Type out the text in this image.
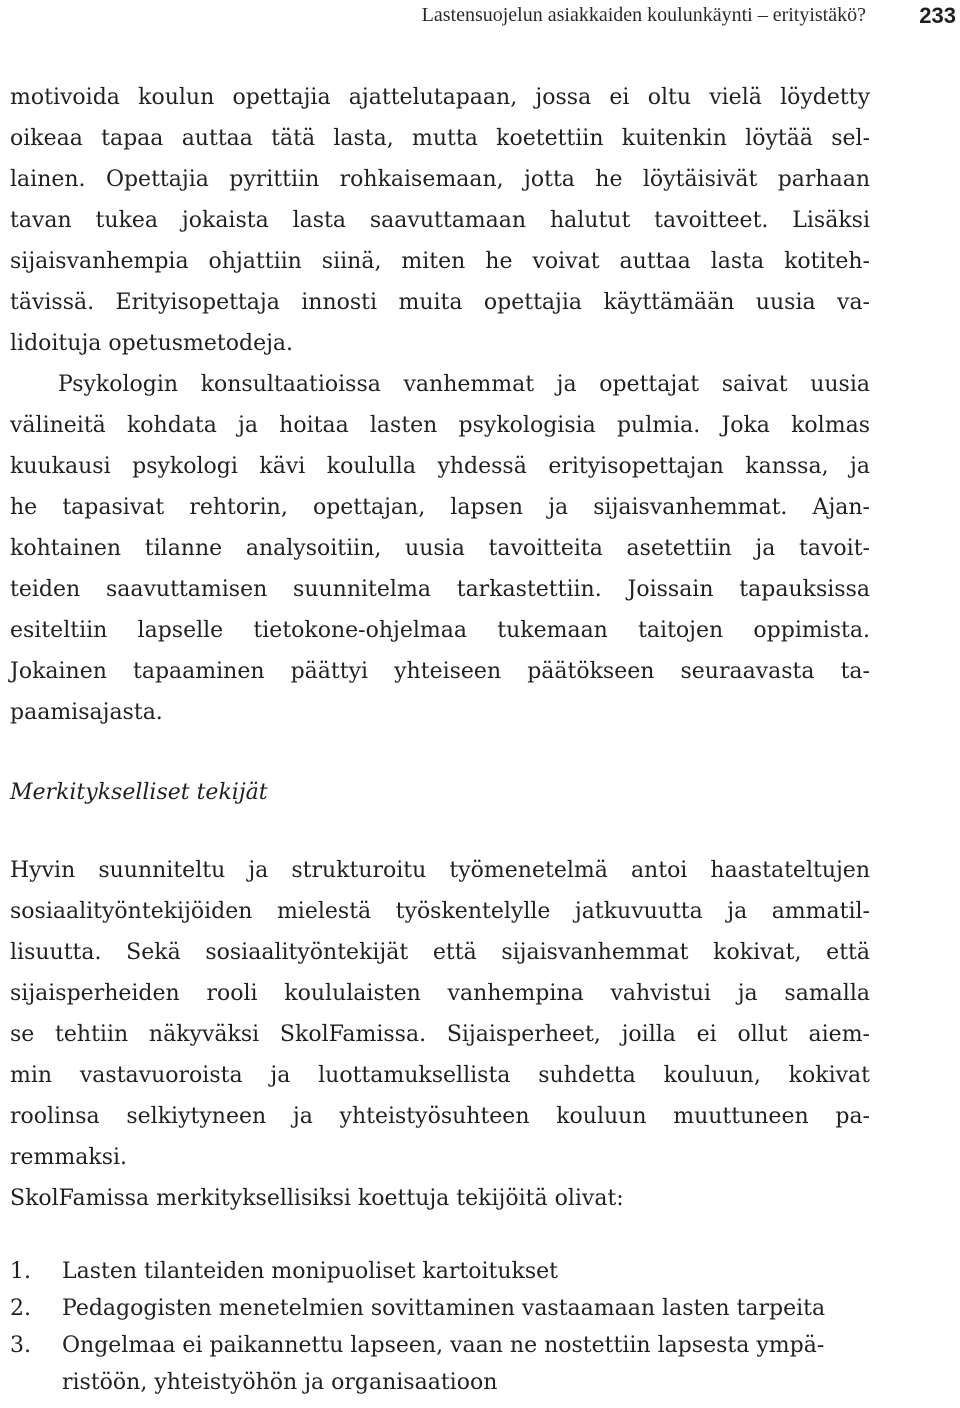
Lastensuojelun asiakkaiden koulunkäynti – erityistäkö? 233
motivoida koulun opettajia ajattelutapaan, jossa ei oltu vielä löydetty
oikeaa tapaa auttaa tätä lasta, mutta koetettiin kuitenkin löytää sel-
lainen. Opettajia pyrittiin rohkaisemaan, jotta he löytäisivät parhaan
tavan tukea jokaista lasta saavuttamaan halutut tavoitteet. Lisäksi
sijaisvanhempia ohjattiin siinä, miten he voivat auttaa lasta kotiteh-
tävissä. Erityisopettaja innosti muita opettajia käyttämään uusia va-
lidoituja opetusmetodeja.
Psykologin konsultaatioissa vanhemmat ja opettajat saivat uusia
välineitä kohdata ja hoitaa lasten psykologisia pulmia. Joka kolmas
kuukausi psykologi kävi koululla yhdessä erityisopettajan kanssa, ja
he tapasivat rehtorin, opettajan, lapsen ja sijaisvanhemmat. Ajan-
kohtainen tilanne analysoitiin, uusia tavoitteita asetettiin ja tavoit-
teiden saavuttamisen suunnitelma tarkastettiin. Joissain tapauksissa
esiteltiin lapselle tietokone-ohjelmaa tukemaan taitojen oppimista.
Jokainen tapaaminen päättyi yhteiseen päätökseen seuraavasta ta-
paamisajasta.
Merkitykselliset tekijät
Hyvin suunniteltu ja strukturoitu työmenetelmä antoi haastateltujen
sosiaalityöntekijöiden mielestä työskentelylle jatkuvuutta ja ammatil-
lisuutta. Sekä sosiaalityöntekijät että sijaisvanhemmat kokivat, että
sijaisperheiden rooli koululaisten vanhempina vahvistui ja samalla
se tehtiin näkyväksi SkolFamissa. Sijaisperheet, joilla ei ollut aiem-
min vastavuoroista ja luottamuksellista suhdetta kouluun, kokivat
roolinsa selkiytyneen ja yhteistyösuhteen kouluun muuttuneen pa-
remmaksi.
SkolFamissa merkityksellisiksi koettuja tekijöitä olivat:
1.	Lasten tilanteiden monipuoliset kartoitukset
2.	Pedagogisten menetelmien sovittaminen vastaamaan lasten tarpeita
3.	Ongelmaa ei paikannettu lapseen, vaan ne nostettiin lapsesta ympä-
ristöön, yhteistyöhön ja organisaatioon
